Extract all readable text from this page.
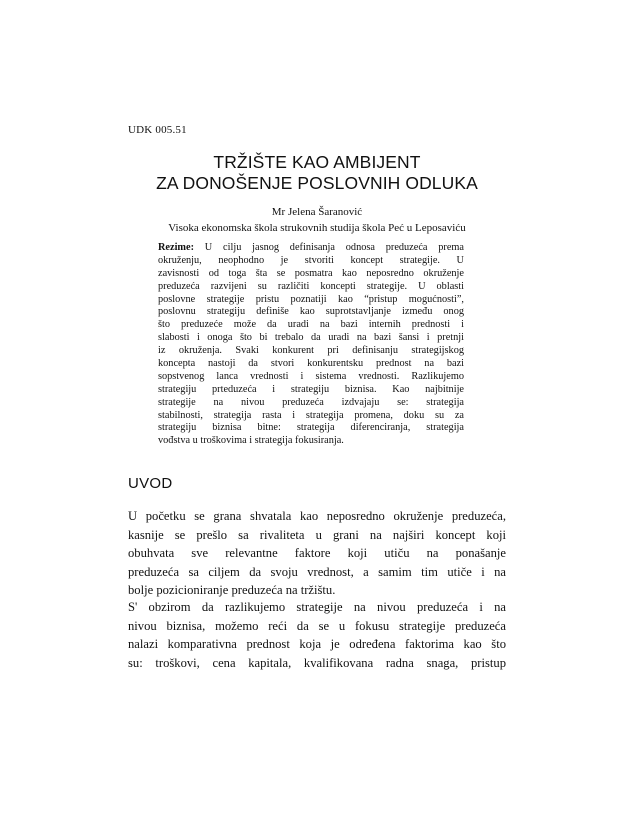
UDK 005.51
TRŽIŠTE KAO AMBIJENT
ZA DONOŠENJE POSLOVNIH ODLUKA
Mr Jelena Šaranović
Visoka ekonomska škola strukovnih studija škola Peć u Leposaviću
Rezime: U cilju jasnog definisanja odnosa preduzeća prema
okruženju, neophodno je stvoriti koncept strategije. U
zavisnosti od toga šta se posmatra kao neposredno okruženje
preduzeća razvijeni su različiti koncepti strategije. U oblasti
poslovne strategije pristu poznatiji kao “pristup mogućnosti”,
poslovnu strategiju definiše kao suprotstavljanje između onog
što preduzeće može da uradi na bazi internih prednosti i
slabosti i onoga što bi trebalo da uradi na bazi šansi i pretnji
iz okruženja. Svaki konkurent pri definisanju strategijskog
koncepta nastoji da stvori konkurentsku prednost na bazi
sopstvenog lanca vrednosti i sistema vrednosti. Razlikujemo
strategiju prteduzeća i strategiju biznisa. Kao najbitnije
strategije na nivou preduzeća izdvajaju se: strategija
stabilnosti, strategija rasta i strategija promena, doku su za
strategiju biznisa bitne: strategija diferenciranja, strategija
vođstva u troškovima i strategija fokusiranja.
UVOD
U početku se grana shvatala kao neposredno okruženje preduzeća,
kasnije se prešlo sa rivaliteta u grani na najširi koncept koji
obuhvata sve relevantne faktore koji utiču na ponašanje
preduzeća sa ciljem da svoju vrednost, a samim tim utiče i na
bolje pozicioniranje preduzeća na tržištu.
S' obzirom da razlikujemo strategije na nivou preduzeća i na
nivou biznisa, možemo reći da se u fokusu strategije preduzeća
nalazi komparativna prednost koja je određena faktorima kao što
su: troškovi, cena kapitala, kvalifikovana radna snaga, pristup
